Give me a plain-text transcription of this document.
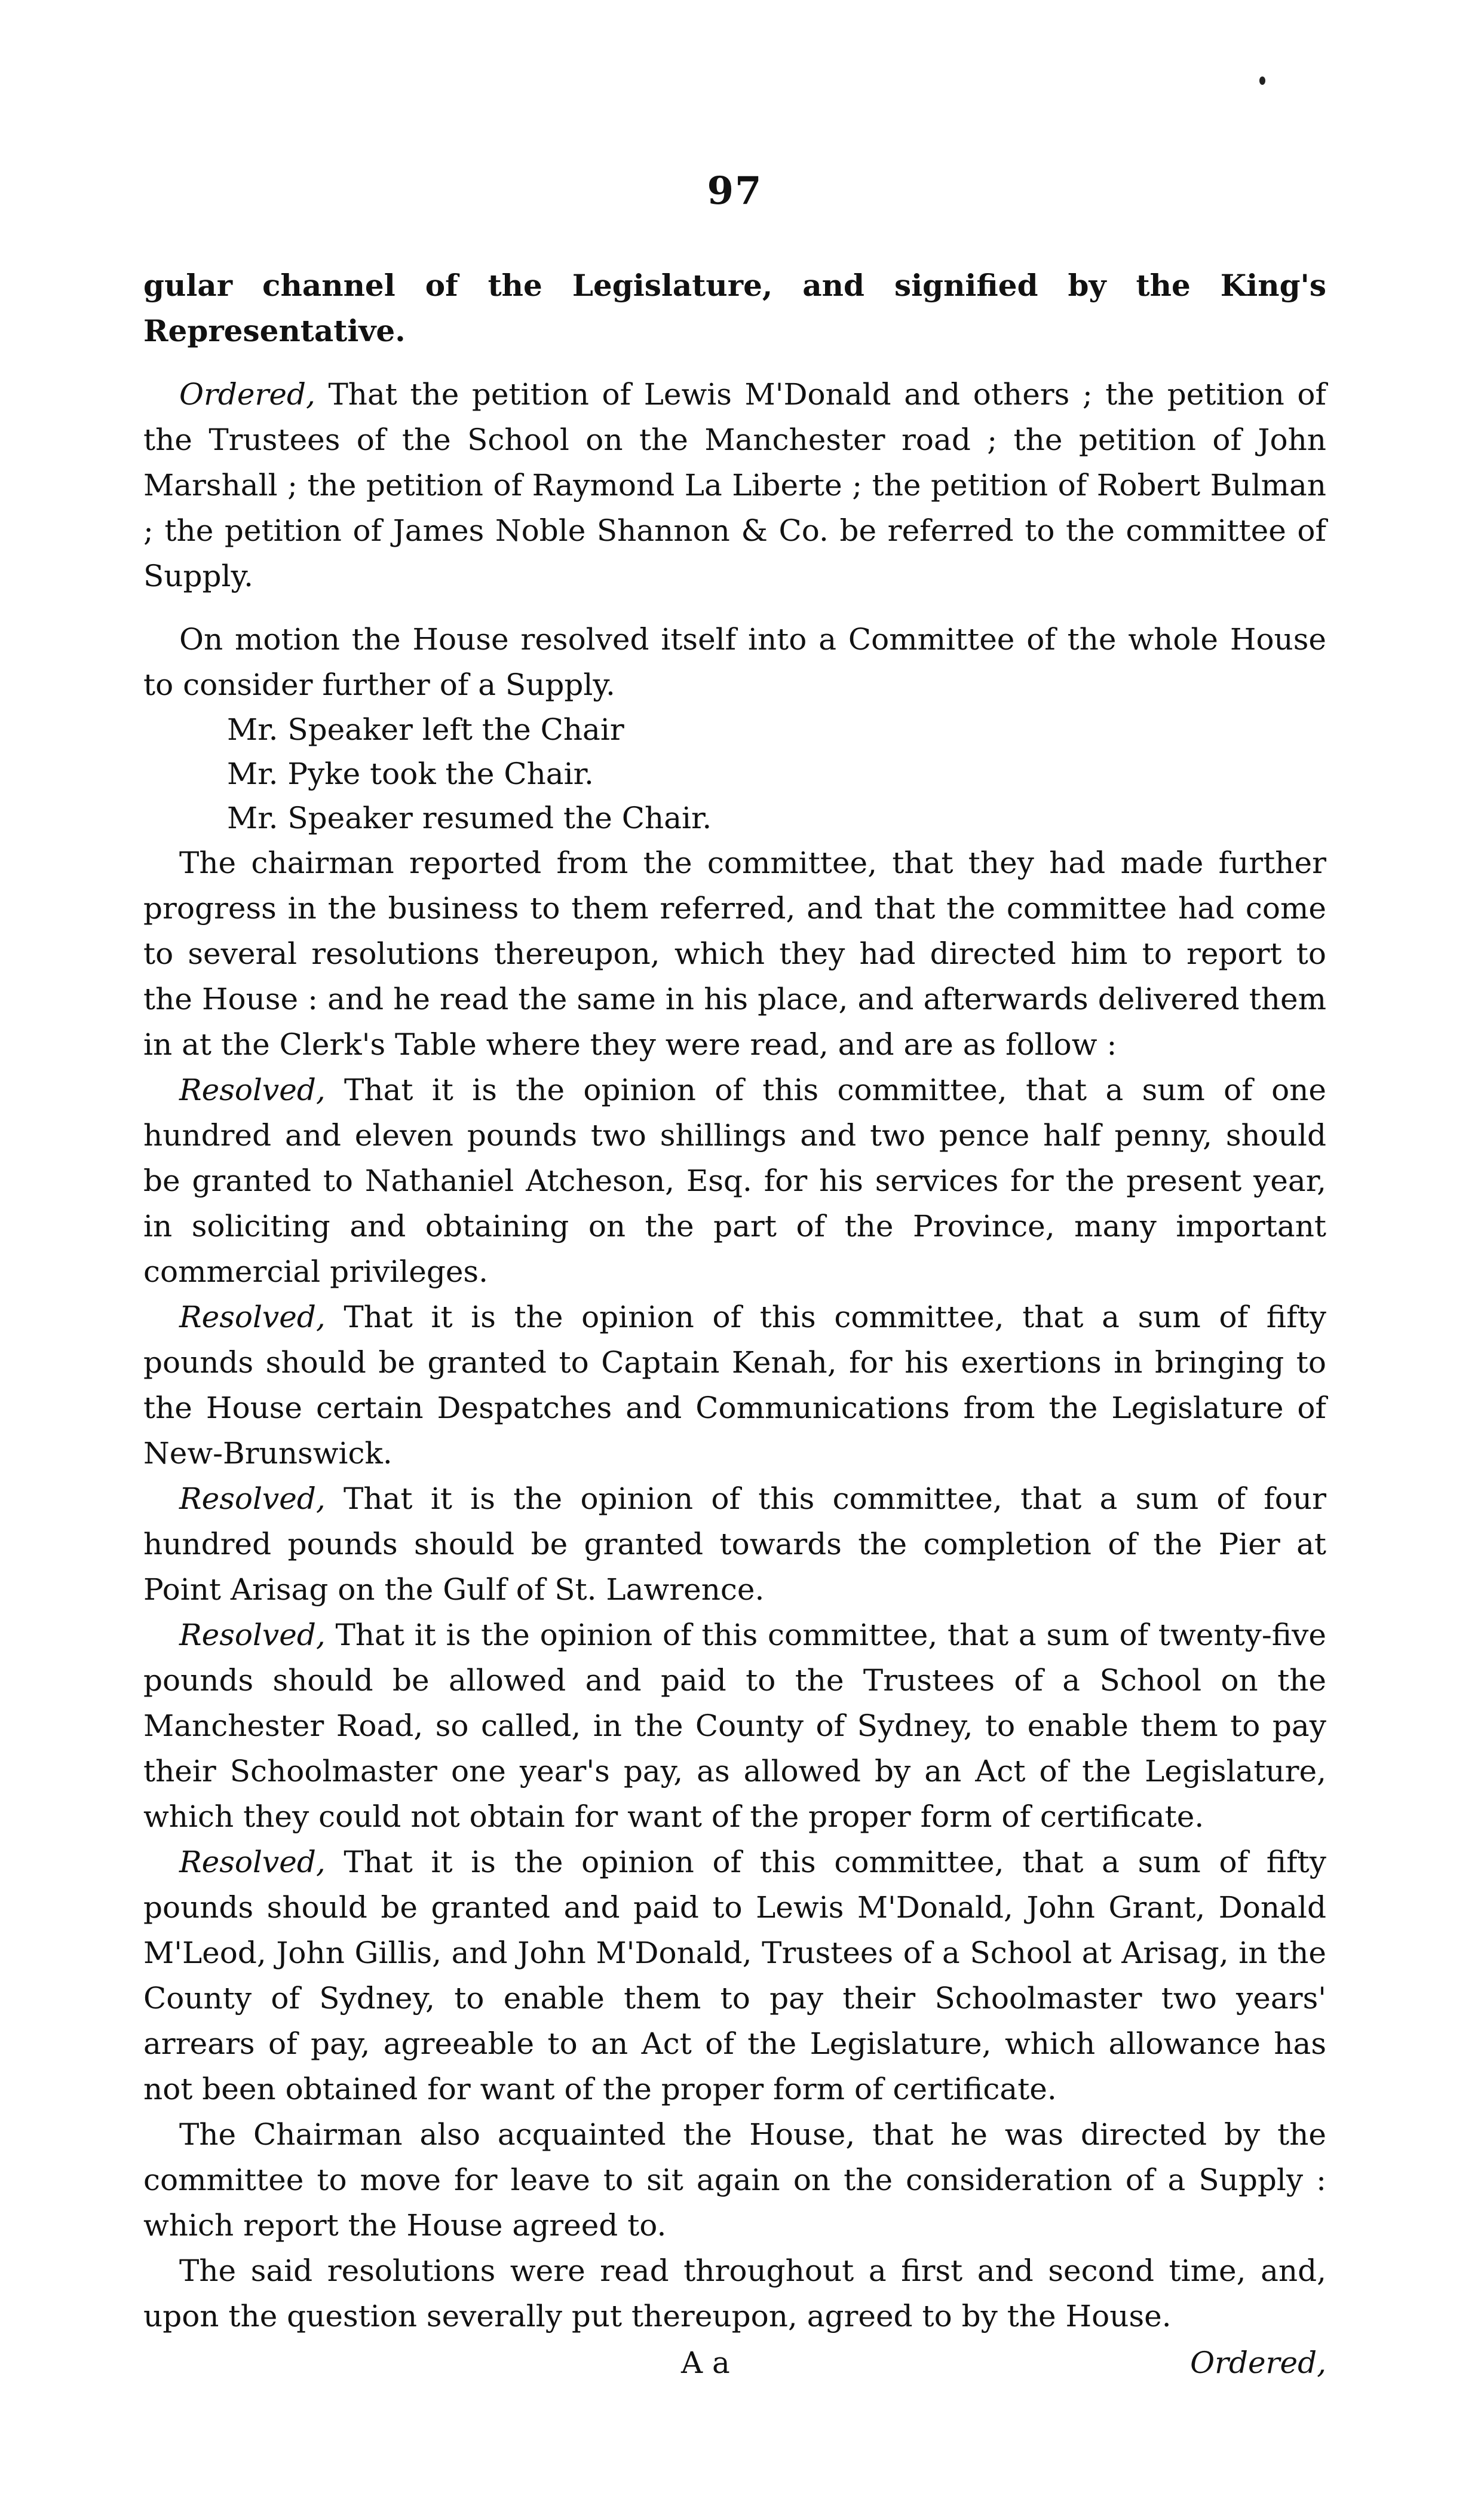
97

gular channel of the Legislature, and signified by the King's Representative.

Ordered, That the petition of Lewis M'Donald and others ; the petition of the Trustees of the School on the Manchester road ; the petition of John Marshall ; the petition of Raymond La Liberte ; the petition of Robert Bulman ; the petition of James Noble Shannon & Co. be referred to the committee of Supply.

On motion the House resolved itself into a Committee of the whole House to consider further of a Supply.

Mr. Speaker left the Chair

Mr. Pyke took the Chair.

Mr. Speaker resumed the Chair.

The chairman reported from the committee, that they had made further progress in the business to them referred, and that the committee had come to several resolutions thereupon, which they had directed him to report to the House : and he read the same in his place, and afterwards delivered them in at the Clerk's Table where they were read, and are as follow :

Resolved, That it is the opinion of this committee, that a sum of one hundred and eleven pounds two shillings and two pence half penny, should be granted to Nathaniel Atcheson, Esq. for his services for the present year, in soliciting and obtaining on the part of the Province, many important commercial privileges.

Resolved, That it is the opinion of this committee, that a sum of fifty pounds should be granted to Captain Kenah, for his exertions in bringing to the House certain Despatches and Communications from the Legislature of New-Brunswick.

Resolved, That it is the opinion of this committee, that a sum of four hundred pounds should be granted towards the completion of the Pier at Point Arisag on the Gulf of St. Lawrence.

Resolved, That it is the opinion of this committee, that a sum of twenty-five pounds should be allowed and paid to the Trustees of a School on the Manchester Road, so called, in the County of Sydney, to enable them to pay their Schoolmaster one year's pay, as allowed by an Act of the Legislature, which they could not obtain for want of the proper form of certificate.

Resolved, That it is the opinion of this committee, that a sum of fifty pounds should be granted and paid to Lewis M'Donald, John Grant, Donald M'Leod, John Gillis, and John M'Donald, Trustees of a School at Arisag, in the County of Sydney, to enable them to pay their Schoolmaster two years' arrears of pay, agreeable to an Act of the Legislature, which allowance has not been obtained for want of the proper form of certificate.

The Chairman also acquainted the House, that he was directed by the committee to move for leave to sit again on the consideration of a Supply : which report the House agreed to.

The said resolutions were read throughout a first and second time, and, upon the question severally put thereupon, agreed to by the House.

A a	Ordered,
